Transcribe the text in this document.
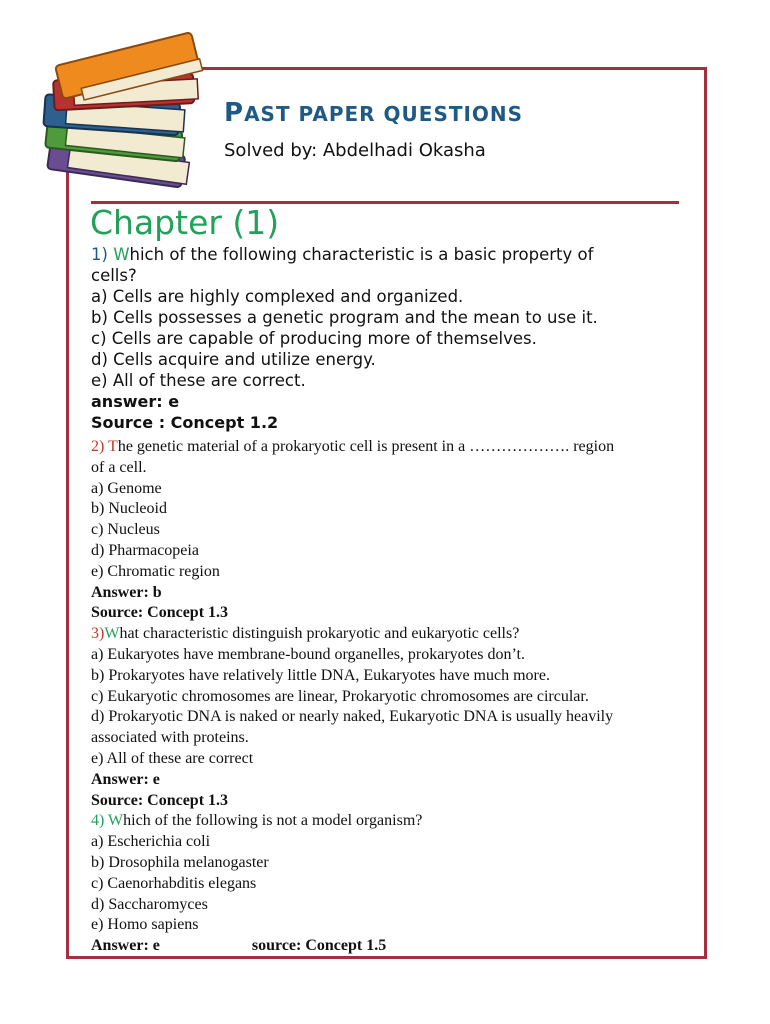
PAST PAPER QUESTIONS
Solved by: Abdelhadi Okasha
Chapter (1)
1) Which of the following characteristic is a basic property of
cells?
a) Cells are highly complexed and organized.
b) Cells possesses a genetic program and the mean to use it.
c) Cells are capable of producing more of themselves.
d) Cells acquire and utilize energy.
e) All of these are correct.
answer: e
Source : Concept 1.2
2) The genetic material of a prokaryotic cell is present in a ………………. region
of a cell.
a) Genome
b) Nucleoid
c) Nucleus
d) Pharmacopeia
e) Chromatic region
Answer: b
Source: Concept 1.3
3)What characteristic distinguish prokaryotic and eukaryotic cells?
a) Eukaryotes have membrane-bound organelles, prokaryotes don’t.
b) Prokaryotes have relatively little DNA, Eukaryotes have much more.
c) Eukaryotic chromosomes are linear, Prokaryotic chromosomes are circular.
d) Prokaryotic DNA is naked or nearly naked, Eukaryotic DNA is usually heavily
associated with proteins.
e) All of these are correct
Answer: e
Source: Concept 1.3
4) Which of the following is not a model organism?
a) Escherichia coli
b) Drosophila melanogaster
c) Caenorhabditis elegans
d) Saccharomyces
e) Homo sapiens
Answer: e	source: Concept 1.5
